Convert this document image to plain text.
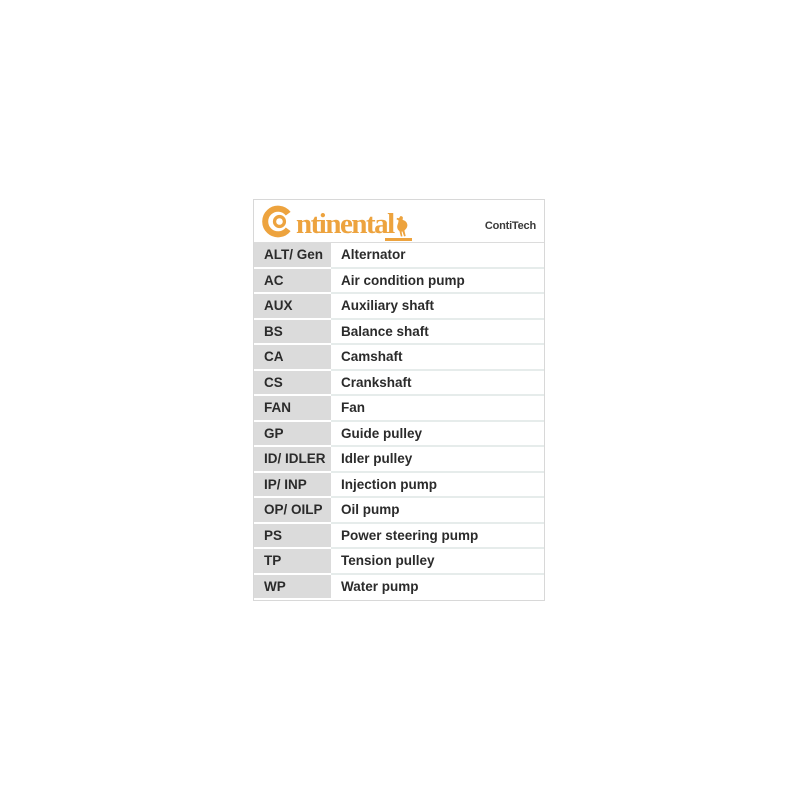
ntinental	ContiTech
ALT/ Gen	Alternator
AC	Air condition pump
AUX	Auxiliary shaft
BS	Balance shaft
CA	Camshaft
CS	Crankshaft
FAN	Fan
GP	Guide pulley
ID/ IDLER	Idler pulley
IP/ INP	Injection pump
OP/ OILP	Oil pump
PS	Power steering pump
TP	Tension pulley
WP	Water pump
